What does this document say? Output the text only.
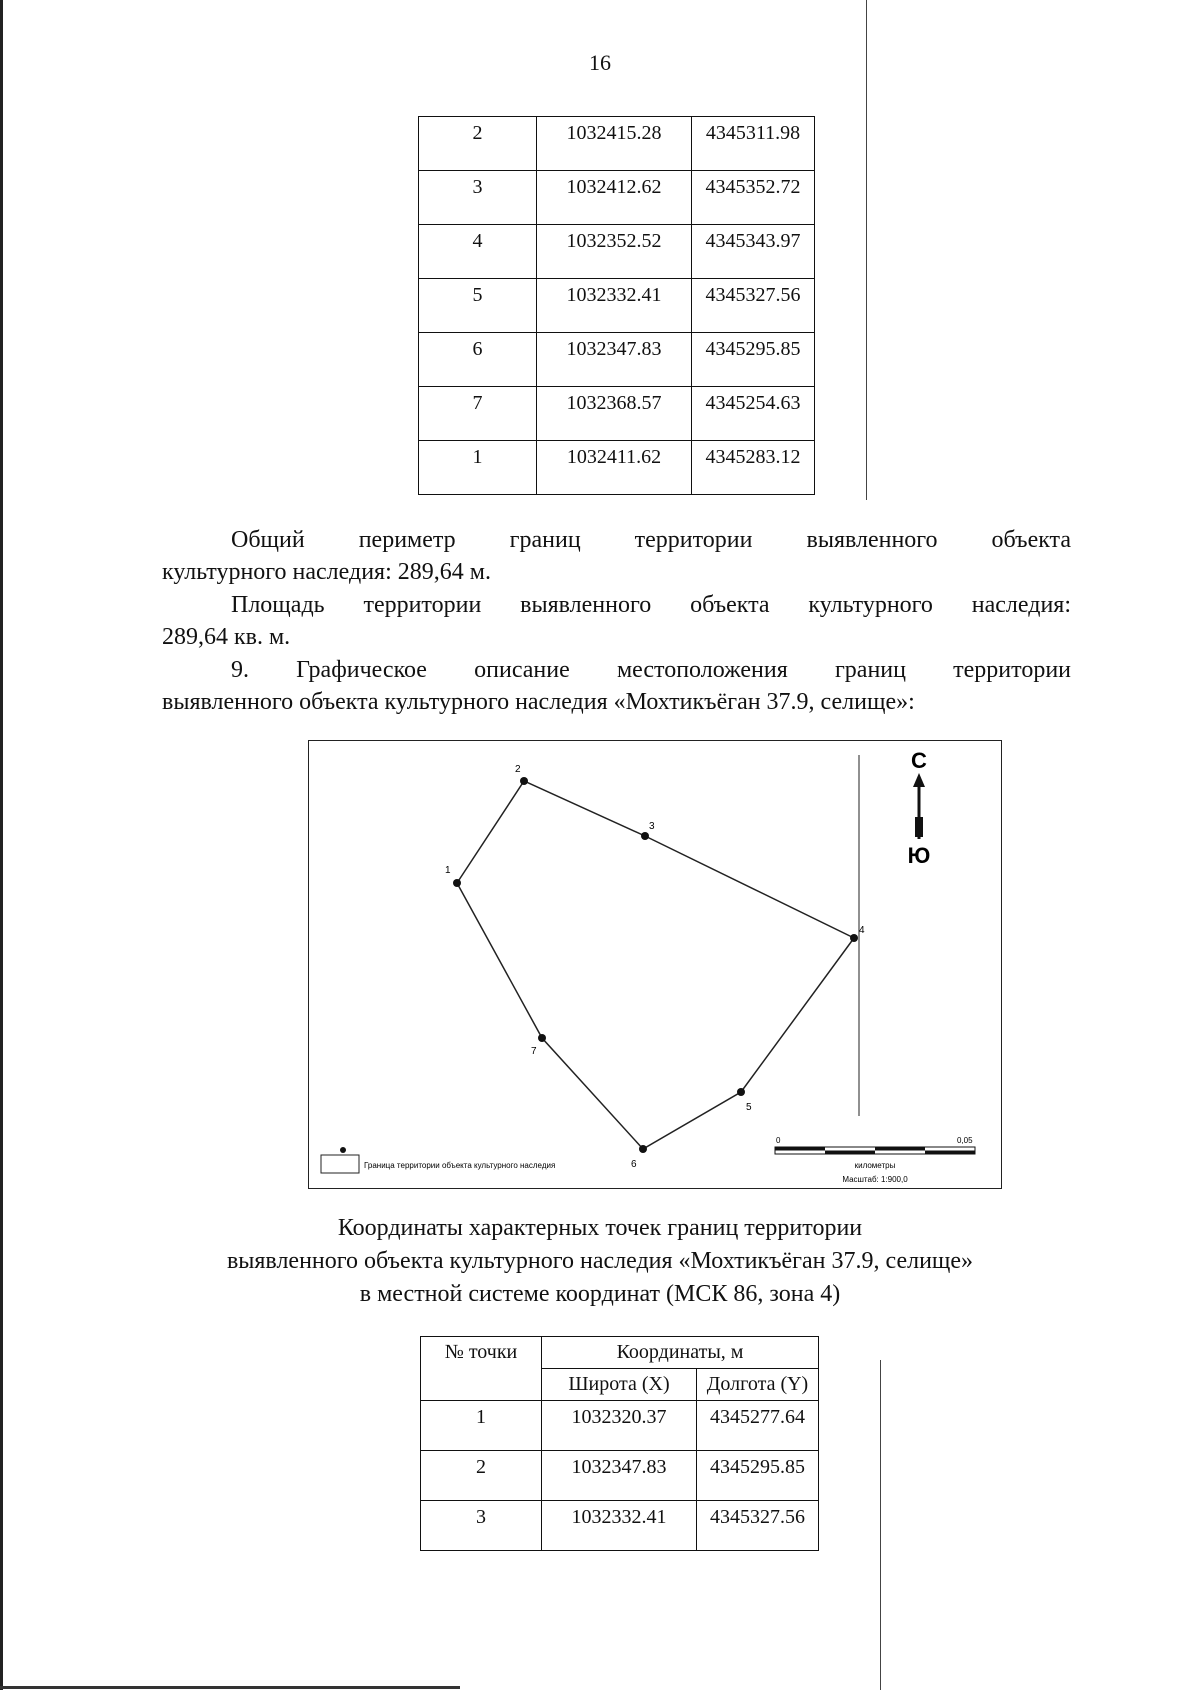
16
2	1032415.28	4345311.98
3	1032412.62	4345352.72
4	1032352.52	4345343.97
5	1032332.41	4345327.56
6	1032347.83	4345295.85
7	1032368.57	4345254.63
1	1032411.62	4345283.12

Общий периметр границ территории выявленного объекта

культурного наследия: 289,64 м.

Площадь территории выявленного объекта культурного наследия:

289,64 кв. м.

9. Графическое описание местоположения границ территории

выявленного объекта культурного наследия «Мохтикъёган 37.9, селище»:

1
2
3
4
5
6
7
С
Ю
Граница территории объекта культурного наследия
0	0,05
километры
Масштаб: 1:900,0

Координаты характерных точек границ территории

выявленного объекта культурного наследия «Мохтикъёган 37.9, селище»

в местной системе координат (МСК 86, зона 4)

№ точки	Координаты, м	
	Широта (X)	Долгота (Y)
1	1032320.37	4345277.64
2	1032347.83	4345295.85
3	1032332.41	4345327.56
